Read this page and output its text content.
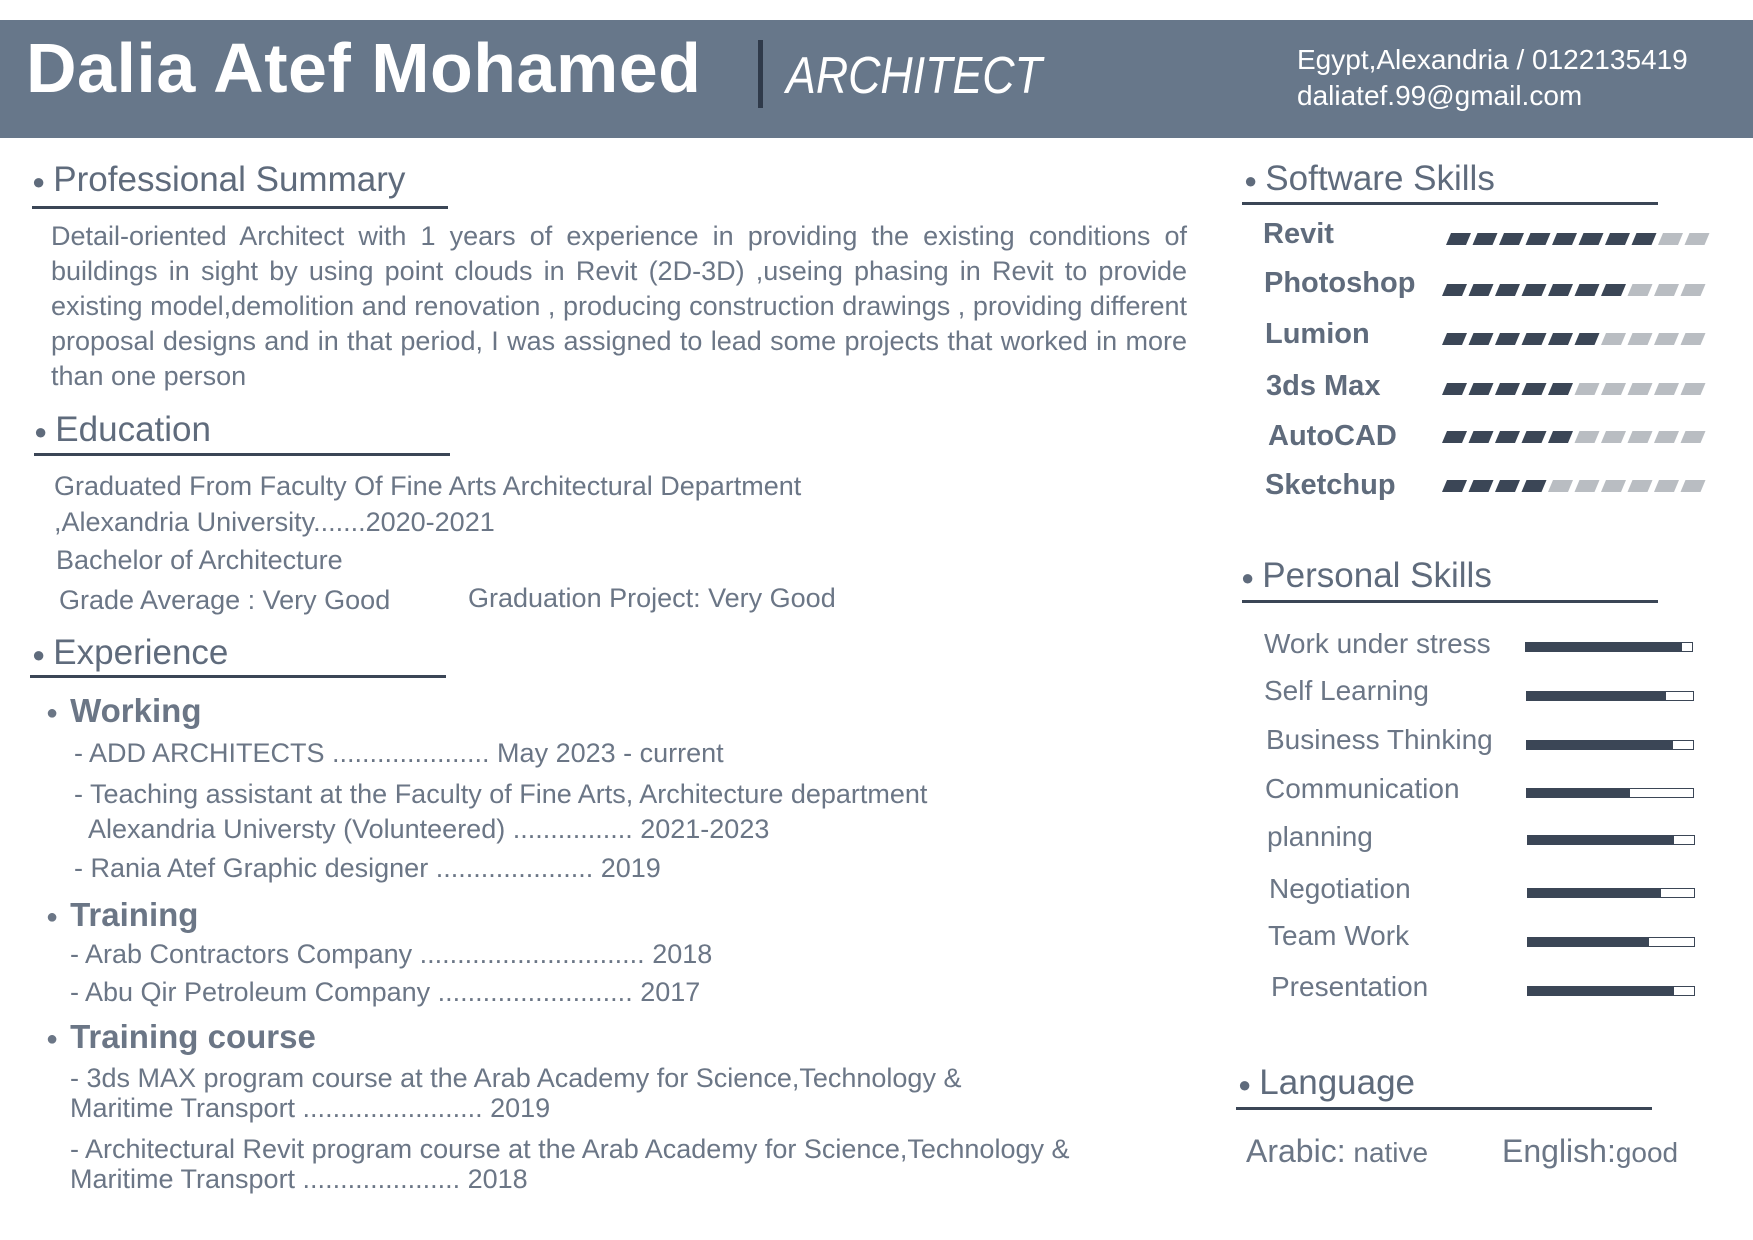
Dalia Atef Mohamed ARCHITECT	Egypt,Alexandria / 0122135419
daliatef.99@gmail.com
● Professional Summary
Detail-oriented Architect with 1 years of experience in providing the existing conditions of buildings in sight by using point clouds in Revit (2D-3D) ,useing phasing in Revit to provide existing model,demolition and renovation , producing construction drawings , providing different proposal designs and in that period, I was assigned to lead some projects that worked in more than one person
● Education
Graduated From Faculty Of Fine Arts Architectural Department
,Alexandria University.......2020-2021
Bachelor of Architecture
Grade Average : Very Good	Graduation Project: Very Good
● Experience
● Working
- ADD ARCHITECTS ..................... May 2023 - current
- Teaching assistant at the Faculty of Fine Arts, Architecture department
Alexandria Universty (Volunteered) ................ 2021-2023
- Rania Atef Graphic designer ..................... 2019
● Training
- Arab Contractors Company .............................. 2018
- Abu Qir Petroleum Company .......................... 2017
● Training course
- 3ds MAX program course at the Arab Academy for Science,Technology &
Maritime Transport ........................ 2019
- Architectural Revit program course at the Arab Academy for Science,Technology &
Maritime Transport ..................... 2018
● Software Skills
Revit
Photoshop
Lumion
3ds Max
AutoCAD
Sketchup
● Personal Skills
Work under stress
Self Learning
Business Thinking
Communication
planning
Negotiation
Team Work
Presentation
● Language
Arabic: native English:good
